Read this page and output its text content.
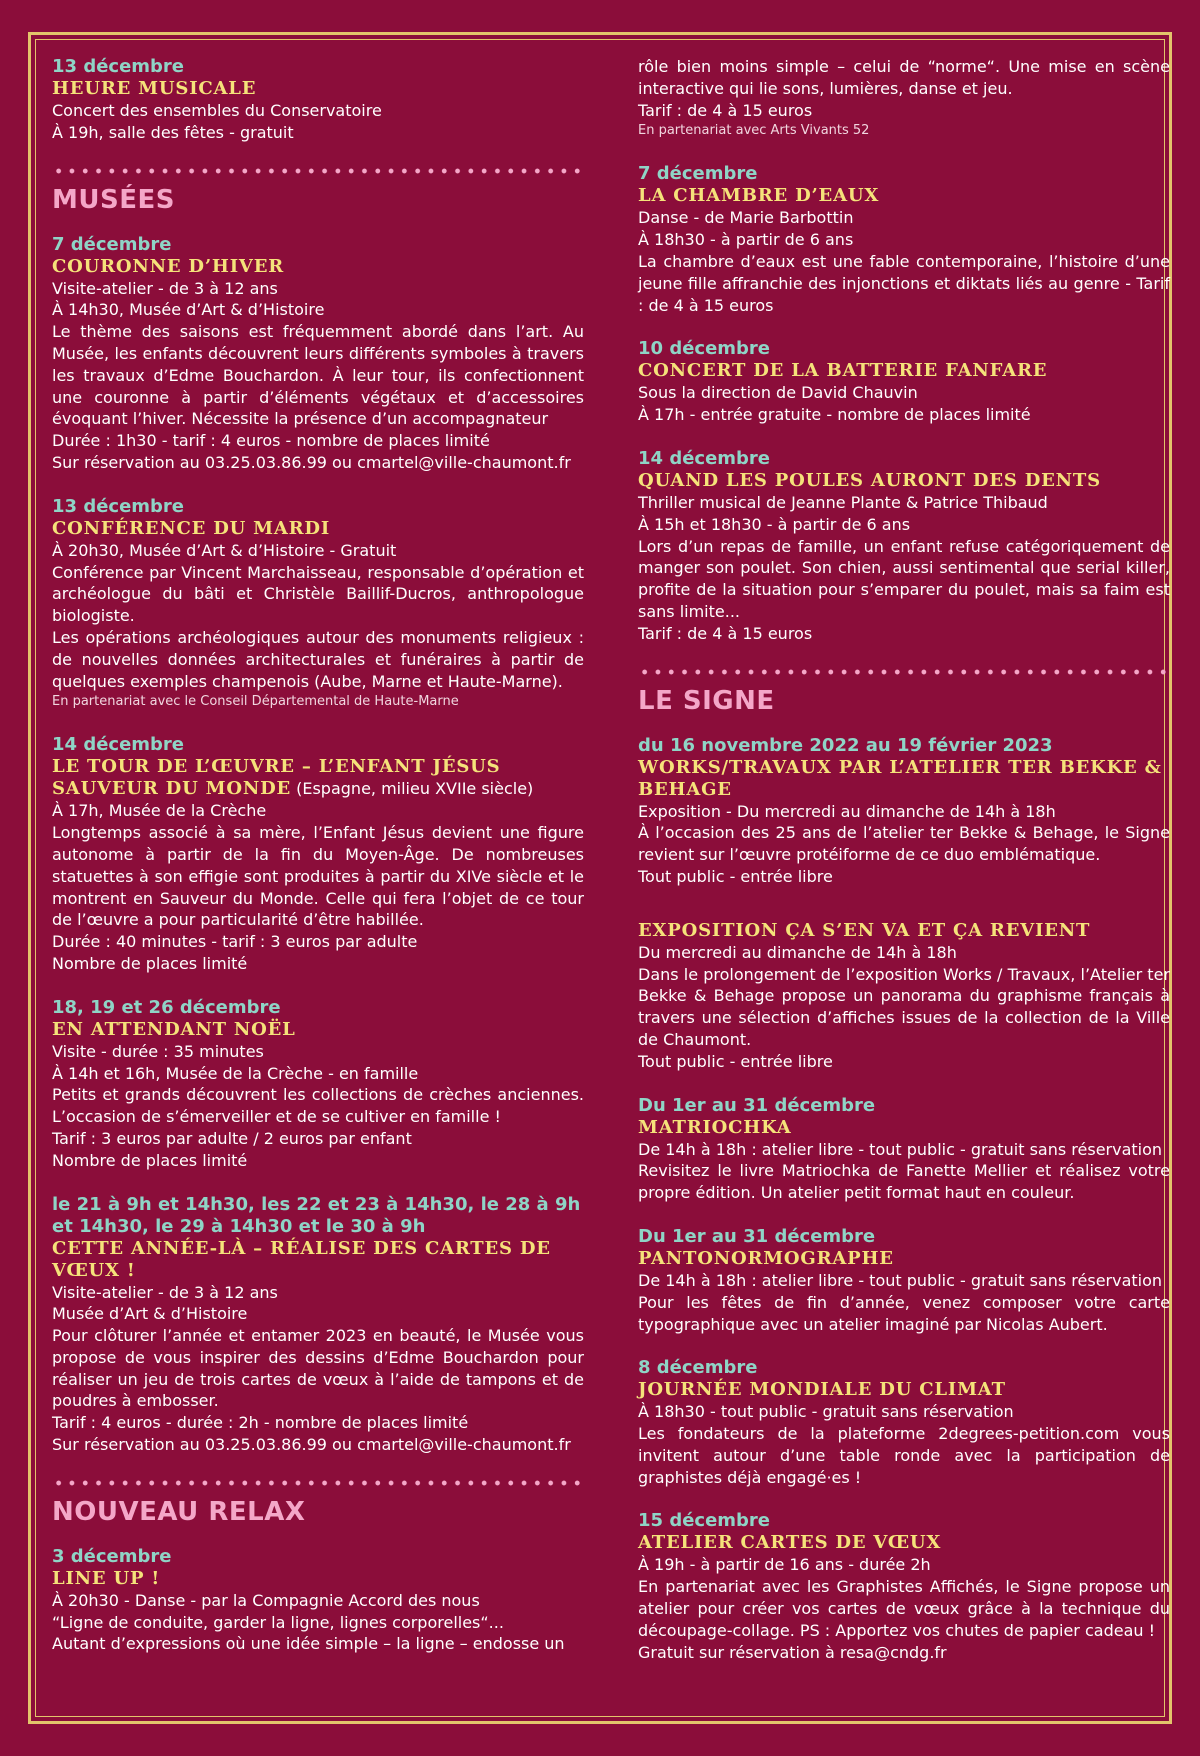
13 décembre

HEURE MUSICALE

Concert des ensembles du Conservatoire

À 19h, salle des fêtes - gratuit

MUSÉES

7 décembre

COURONNE D’HIVER

Visite-atelier - de 3 à 12 ans

À 14h30, Musée d’Art & d’Histoire

Le thème des saisons est fréquemment abordé dans l’art. Au Musée, les enfants découvrent leurs différents symboles à travers les travaux d’Edme Bouchardon. À leur tour, ils confectionnent une couronne à partir d’éléments végétaux et d’accessoires évoquant l’hiver. Nécessite la présence d’un accompagnateur

Durée : 1h30 - tarif : 4 euros - nombre de places limité

Sur réservation au 03.25.03.86.99 ou cmartel@ville-chaumont.fr

13 décembre

CONFÉRENCE DU MARDI

À 20h30, Musée d’Art & d’Histoire - Gratuit

Conférence par Vincent Marchaisseau, responsable d’opération et archéologue du bâti et Christèle Baillif-Ducros, anthropologue biologiste.

Les opérations archéologiques autour des monuments religieux : de nouvelles données architecturales et funéraires à partir de quelques exemples champenois (Aube, Marne et Haute-Marne).

En partenariat avec le Conseil Départemental de Haute-Marne

14 décembre

LE TOUR DE L’ŒUVRE – L’ENFANT JÉSUS SAUVEUR DU MONDE (Espagne, milieu XVIIe siècle)

À 17h, Musée de la Crèche

Longtemps associé à sa mère, l’Enfant Jésus devient une figure autonome à partir de la fin du Moyen-Âge. De nombreuses statuettes à son effigie sont produites à partir du XIVe siècle et le montrent en Sauveur du Monde. Celle qui fera l’objet de ce tour de l’œuvre a pour particularité d’être habillée.

Durée : 40 minutes - tarif : 3 euros par adulte

Nombre de places limité

18, 19 et 26 décembre

EN ATTENDANT NOËL

Visite - durée : 35 minutes

À 14h et 16h, Musée de la Crèche - en famille

Petits et grands découvrent les collections de crèches anciennes. L’occasion de s’émerveiller et de se cultiver en famille !

Tarif : 3 euros par adulte / 2 euros par enfant

Nombre de places limité

le 21 à 9h et 14h30, les 22 et 23 à 14h30, le 28 à 9h et 14h30, le 29 à 14h30 et le 30 à 9h

CETTE ANNÉE-LÀ – RÉALISE DES CARTES DE VŒUX !

Visite-atelier - de 3 à 12 ans

Musée d’Art & d’Histoire

Pour clôturer l’année et entamer 2023 en beauté, le Musée vous propose de vous inspirer des dessins d’Edme Bouchardon pour réaliser un jeu de trois cartes de vœux à l’aide de tampons et de poudres à embosser.

Tarif : 4 euros - durée : 2h - nombre de places limité

Sur réservation au 03.25.03.86.99 ou cmartel@ville-chaumont.fr

NOUVEAU RELAX

3 décembre

LINE UP !

À 20h30 - Danse - par la Compagnie Accord des nous

“Ligne de conduite, garder la ligne, lignes corporelles“...

Autant d’expressions où une idée simple – la ligne – endosse un

rôle bien moins simple – celui de “norme“. Une mise en scène interactive qui lie sons, lumières, danse et jeu.

Tarif : de 4 à 15 euros

En partenariat avec Arts Vivants 52

7 décembre

LA CHAMBRE D’EAUX

Danse - de Marie Barbottin

À 18h30 - à partir de 6 ans

La chambre d’eaux est une fable contemporaine, l’histoire d’une jeune fille affranchie des injonctions et diktats liés au genre - Tarif : de 4 à 15 euros

10 décembre

CONCERT DE LA BATTERIE FANFARE

Sous la direction de David Chauvin

À 17h - entrée gratuite - nombre de places limité

14 décembre

QUAND LES POULES AURONT DES DENTS

Thriller musical de Jeanne Plante & Patrice Thibaud

À 15h et 18h30 - à partir de 6 ans

Lors d’un repas de famille, un enfant refuse catégoriquement de manger son poulet. Son chien, aussi sentimental que serial killer, profite de la situation pour s’emparer du poulet, mais sa faim est sans limite...

Tarif : de 4 à 15 euros

LE SIGNE

du 16 novembre 2022 au 19 février 2023

WORKS/TRAVAUX PAR L’ATELIER TER BEKKE & BEHAGE

Exposition - Du mercredi au dimanche de 14h à 18h

À l’occasion des 25 ans de l’atelier ter Bekke & Behage, le Signe revient sur l’œuvre protéiforme de ce duo emblématique.

Tout public - entrée libre

EXPOSITION ÇA S’EN VA ET ÇA REVIENT

Du mercredi au dimanche de 14h à 18h

Dans le prolongement de l’exposition Works / Travaux, l’Atelier ter Bekke & Behage propose un panorama du graphisme français à travers une sélection d’affiches issues de la collection de la Ville de Chaumont.

Tout public - entrée libre

Du 1er au 31 décembre

MATRIOCHKA

De 14h à 18h : atelier libre - tout public - gratuit sans réservation

Revisitez le livre Matriochka de Fanette Mellier et réalisez votre propre édition. Un atelier petit format haut en couleur.

Du 1er au 31 décembre

PANTONORMOGRAPHE

De 14h à 18h : atelier libre - tout public - gratuit sans réservation

Pour les fêtes de fin d’année, venez composer votre carte typographique avec un atelier imaginé par Nicolas Aubert.

8 décembre

JOURNÉE MONDIALE DU CLIMAT

À 18h30 - tout public - gratuit sans réservation

Les fondateurs de la plateforme 2degrees-petition.com vous invitent autour d’une table ronde avec la participation de graphistes déjà engagé·es !

15 décembre

ATELIER CARTES DE VŒUX

À 19h - à partir de 16 ans - durée 2h

En partenariat avec les Graphistes Affichés, le Signe propose un atelier pour créer vos cartes de vœux grâce à la technique du découpage-collage. PS : Apportez vos chutes de papier cadeau !

Gratuit sur réservation à resa@cndg.fr
